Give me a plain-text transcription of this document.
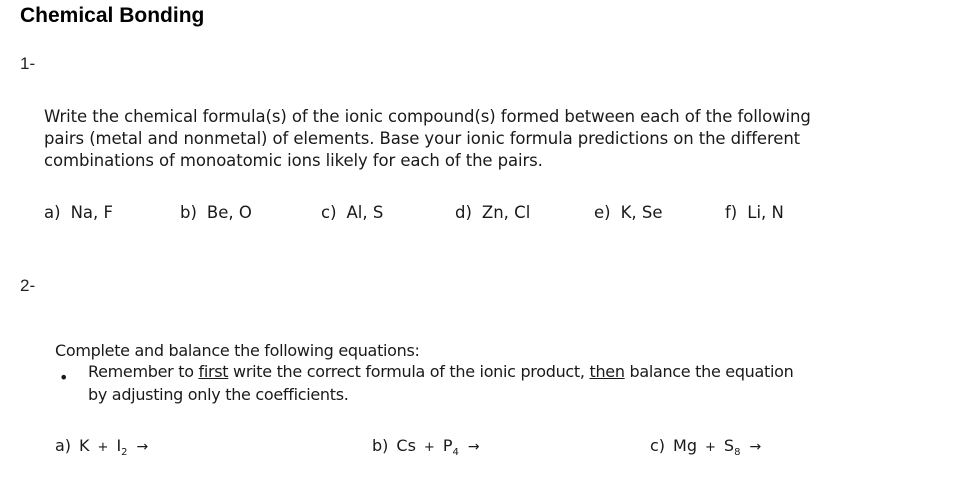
Chemical Bonding
1-
Write the chemical formula(s) of the ionic compound(s) formed between each of the following
pairs (metal and nonmetal) of elements. Base your ionic formula predictions on the different
combinations of monoatomic ions likely for each of the pairs.
a) Na, F	b) Be, O	c) Al, S	d) Zn, Cl	e) K, Se	f) Li, N
2-
Complete and balance the following equations:
• Remember to first write the correct formula of the ionic product, then balance the equation
by adjusting only the coefficients.
a) $K + I_2$ →	b) $Cs + P_4$ →	c) $Mg + S_8$ →
